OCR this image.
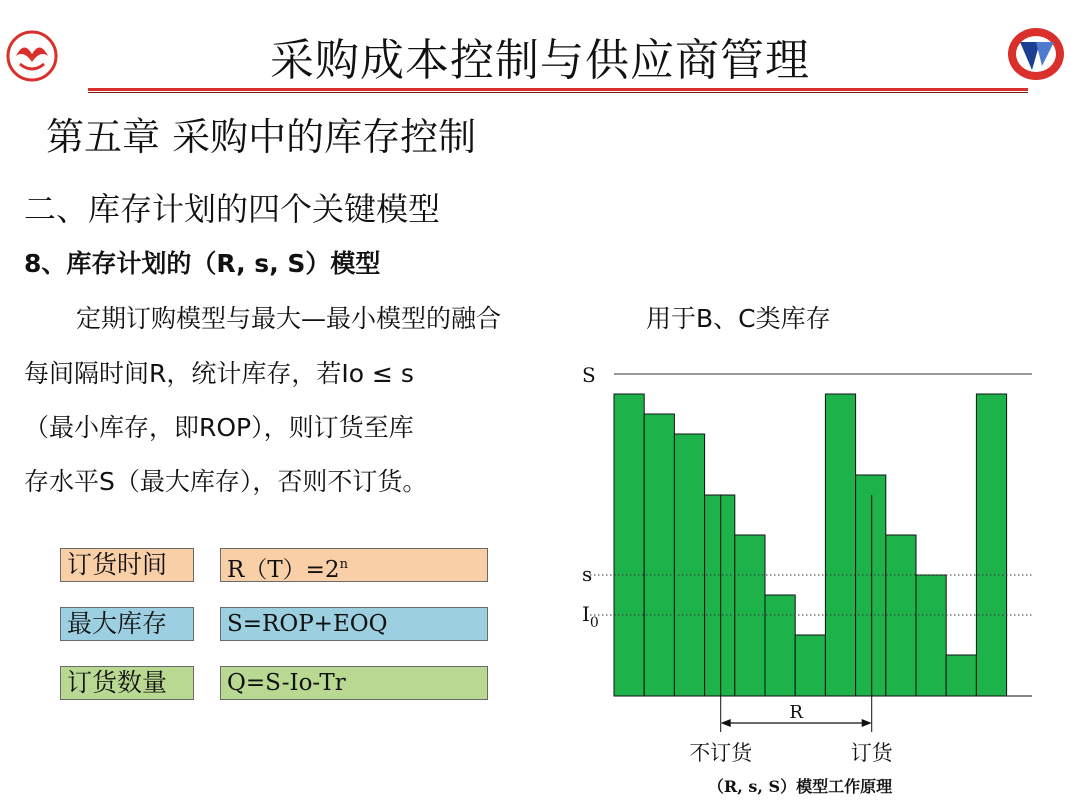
采购成本控制与供应商管理
第五章 采购中的库存控制
二、库存计划的四个关键模型
8、库存计划的（R, s, S）模型
定期订购模型与最大—最小模型的融合	用于B、C类库存
每间隔时间R，统计库存，若Io ≤ s
（最小库存，即ROP），则订货至库
存水平S（最大库存），否则不订货。
订货时间	$R(T)=2^n$
最大库存	S=ROP+EOQ
订货数量	Q=S-Io-Tr
S
s
$I_0$
不订货	订货
R
（R, s, S）模型工作原理
